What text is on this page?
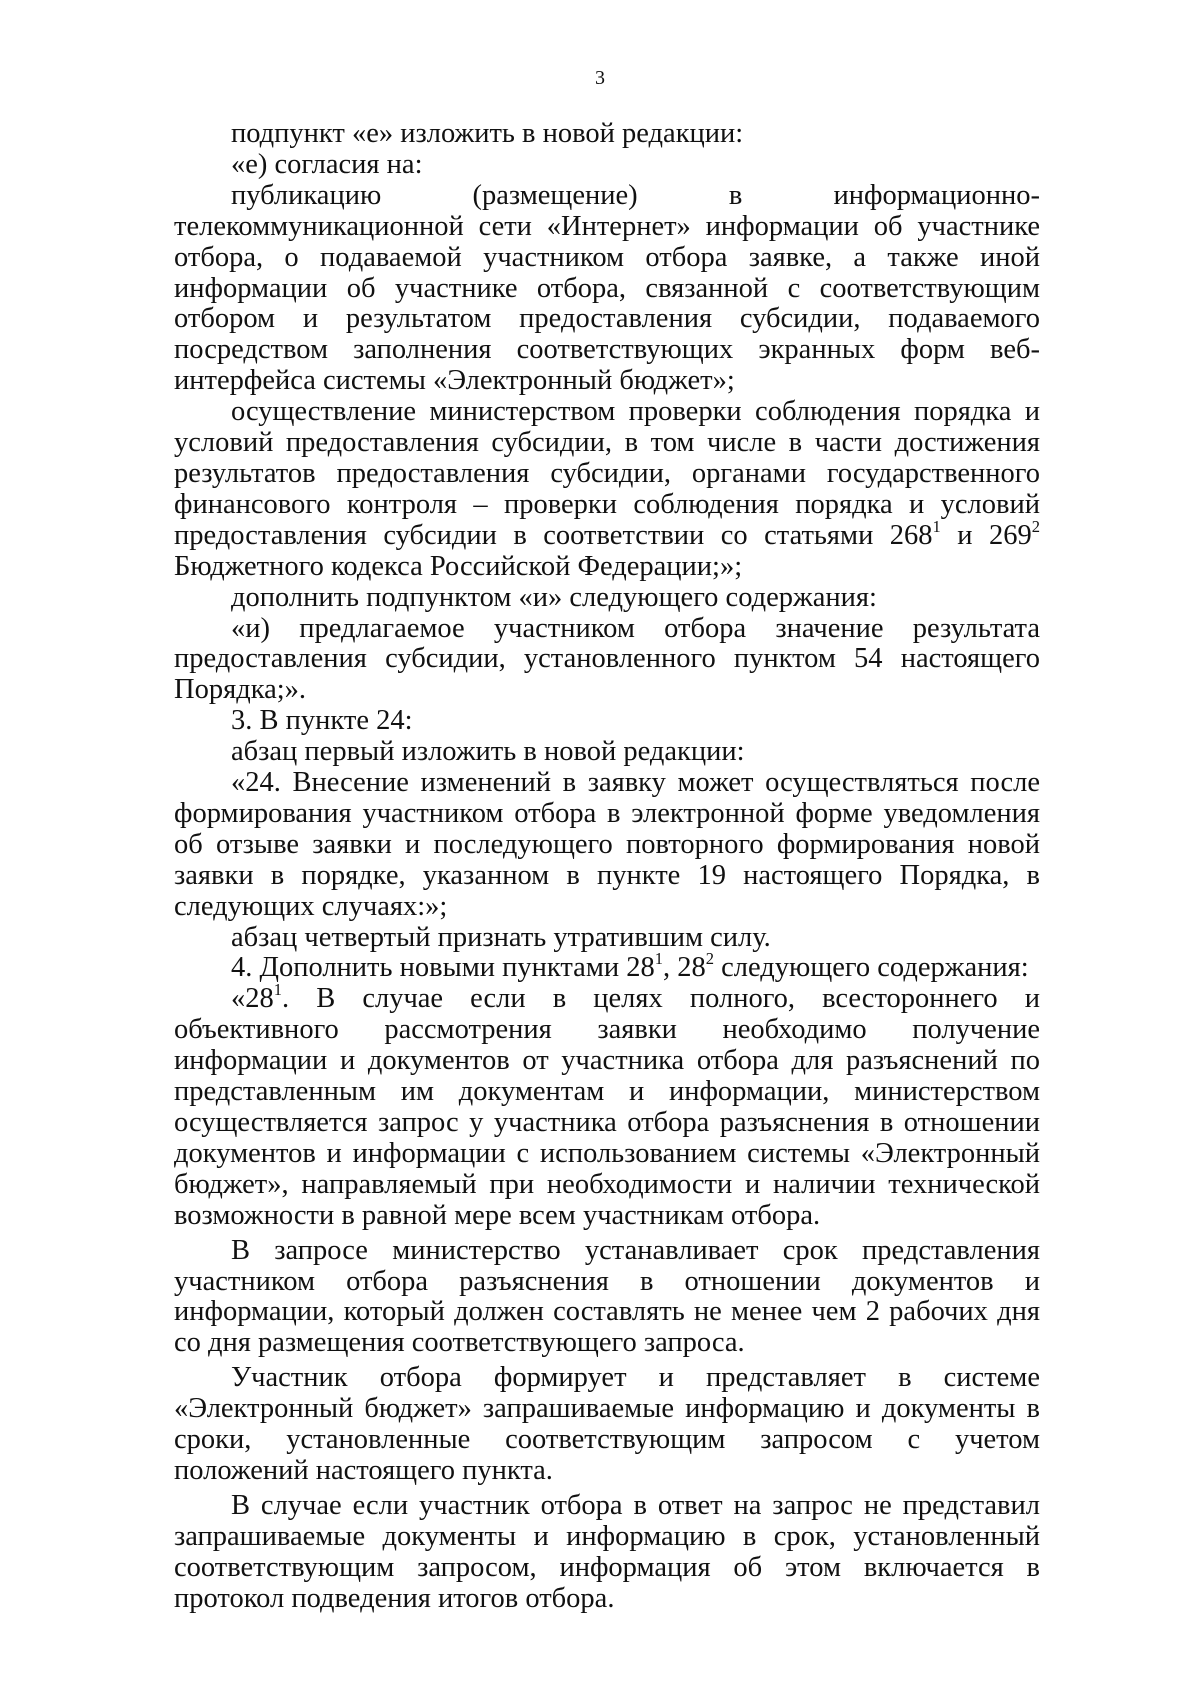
3

подпункт «е» изложить в новой редакции:

«е) согласия на:

публикацию (размещение) в информационно-телекоммуникационной сети «Интернет» информации об участнике отбора, о подаваемой участником отбора заявке, а также иной информации об участнике отбора, связанной с соответствующим отбором и результатом предоставления субсидии, подаваемого посредством заполнения соответствующих экранных форм веб-интерфейса системы «Электронный бюджет»;

осуществление министерством проверки соблюдения порядка и условий предоставления субсидии, в том числе в части достижения результатов предоставления субсидии, органами государственного финансового контроля – проверки соблюдения порядка и условий предоставления субсидии в соответствии со статьями $268^1$ и $269^2$ Бюджетного кодекса Российской Федерации;»;

дополнить подпунктом «и» следующего содержания:

«и) предлагаемое участником отбора значение результата предоставления субсидии, установленного пунктом 54 настоящего Порядка;».

3. В пункте 24:

абзац первый изложить в новой редакции:

«24. Внесение изменений в заявку может осуществляться после формирования участником отбора в электронной форме уведомления об отзыве заявки и последующего повторного формирования новой заявки в порядке, указанном в пункте 19 настоящего Порядка, в следующих случаях:»;

абзац четвертый признать утратившим силу.

4. Дополнить новыми пунктами $28^1$, $28^2$ следующего содержания:

«$28^1$. В случае если в целях полного, всестороннего и объективного рассмотрения заявки необходимо получение информации и документов от участника отбора для разъяснений по представленным им документам и информации, министерством осуществляется запрос у участника отбора разъяснения в отношении документов и информации с использованием системы «Электронный бюджет», направляемый при необходимости и наличии технической возможности в равной мере всем участникам отбора.

В запросе министерство устанавливает срок представления участником отбора разъяснения в отношении документов и информации, который должен составлять не менее чем 2 рабочих дня со дня размещения соответствующего запроса.

Участник отбора формирует и представляет в системе «Электронный бюджет» запрашиваемые информацию и документы в сроки, установленные соответствующим запросом с учетом положений настоящего пункта.

В случае если участник отбора в ответ на запрос не представил запрашиваемые документы и информацию в срок, установленный соответствующим запросом, информация об этом включается в протокол подведения итогов отбора.
